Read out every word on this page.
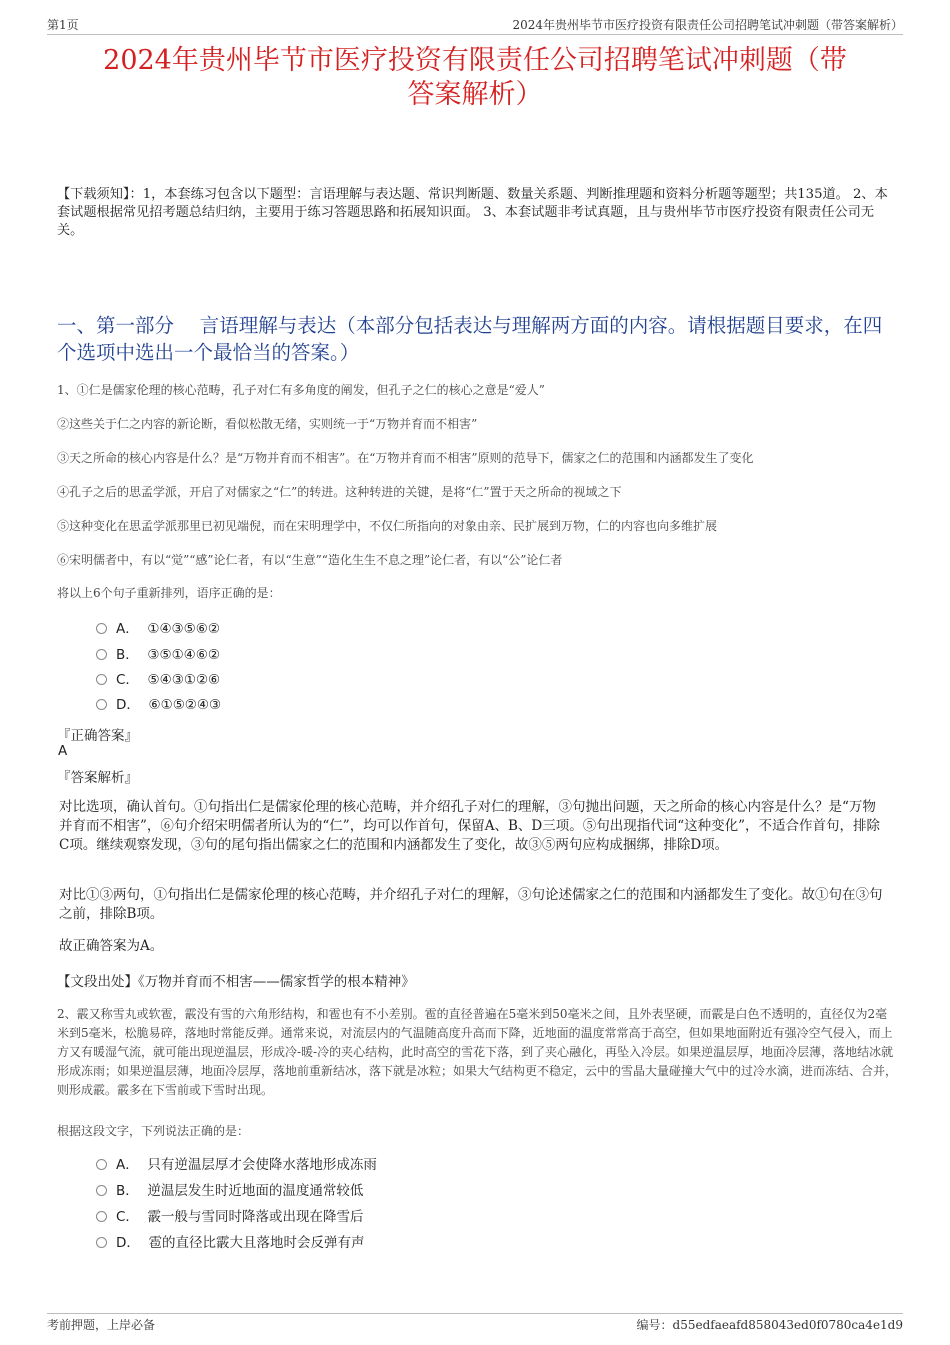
第1页	2024年贵州毕节市医疗投资有限责任公司招聘笔试冲刺题（带答案解析）
2024年贵州毕节市医疗投资有限责任公司招聘笔试冲刺题（带
答案解析）
【下载须知】：1，本套练习包含以下题型：言语理解与表达题、常识判断题、数量关系题、判断推理题和资料分析题等题型；共135道。 2、本套试题根据常见招考题总结归纳，主要用于练习答题思路和拓展知识面。 3、本套试题非考试真题，且与贵州毕节市医疗投资有限责任公司无关。
一、第一部分　 言语理解与表达（本部分包括表达与理解两方面的内容。请根据题目要求，在四个选项中选出一个最恰当的答案。）
1、①仁是儒家伦理的核心范畴，孔子对仁有多角度的阐发，但孔子之仁的核心之意是“爱人”
②这些关于仁之内容的新论断，看似松散无绪，实则统一于“万物并育而不相害”
③天之所命的核心内容是什么？是“万物并育而不相害”。在“万物并育而不相害”原则的范导下，儒家之仁的范围和内涵都发生了变化
④孔子之后的思孟学派，开启了对儒家之“仁”的转进。这种转进的关键，是将“仁”置于天之所命的视域之下
⑤这种变化在思孟学派那里已初见端倪，而在宋明理学中，不仅仁所指向的对象由亲、民扩展到万物，仁的内容也向多维扩展
⑥宋明儒者中，有以“觉”“感”论仁者，有以“生意”“造化生生不息之理”论仁者，有以“公”论仁者
将以上6个句子重新排列，语序正确的是：
A． ①④③⑤⑥②
B． ③⑤①④⑥②
C． ⑤④③①②⑥
D． ⑥①⑤②④③
『正确答案』
A
『答案解析』
对比选项，确认首句。①句指出仁是儒家伦理的核心范畴，并介绍孔子对仁的理解，③句抛出问题，天之所命的核心内容是什么？是“万物并育而不相害”，⑥句介绍宋明儒者所认为的“仁”，均可以作首句，保留A、B、D三项。⑤句出现指代词“这种变化”，不适合作首句，排除C项。继续观察发现，③句的尾句指出儒家之仁的范围和内涵都发生了变化，故③⑤两句应构成捆绑，排除D项。
对比①③两句，①句指出仁是儒家伦理的核心范畴，并介绍孔子对仁的理解，③句论述儒家之仁的范围和内涵都发生了变化。故①句在③句之前，排除B项。
故正确答案为A。
【文段出处】《万物并育而不相害——儒家哲学的根本精神》
2、霰又称雪丸或软雹，霰没有雪的六角形结构，和雹也有不小差别。雹的直径普遍在5毫米到50毫米之间，且外表坚硬，而霰是白色不透明的，直径仅为2毫米到5毫米，松脆易碎，落地时常能反弹。通常来说，对流层内的气温随高度升高而下降，近地面的温度常常高于高空，但如果地面附近有强冷空气侵入，而上方又有暖湿气流，就可能出现逆温层，形成冷-暖-冷的夹心结构，此时高空的雪花下落，到了夹心融化，再坠入冷层。如果逆温层厚，地面冷层薄，落地结冰就形成冻雨；如果逆温层薄，地面冷层厚，落地前重新结冰，落下就是冰粒；如果大气结构更不稳定，云中的雪晶大量碰撞大气中的过冷水滴，进而冻结、合并，则形成霰。霰多在下雪前或下雪时出现。
根据这段文字，下列说法正确的是：
A． 只有逆温层厚才会使降水落地形成冻雨
B． 逆温层发生时近地面的温度通常较低
C． 霰一般与雪同时降落或出现在降雪后
D． 雹的直径比霰大且落地时会反弹有声
考前押题，上岸必备	编号：d55edfaeafd858043ed0f0780ca4e1d9
